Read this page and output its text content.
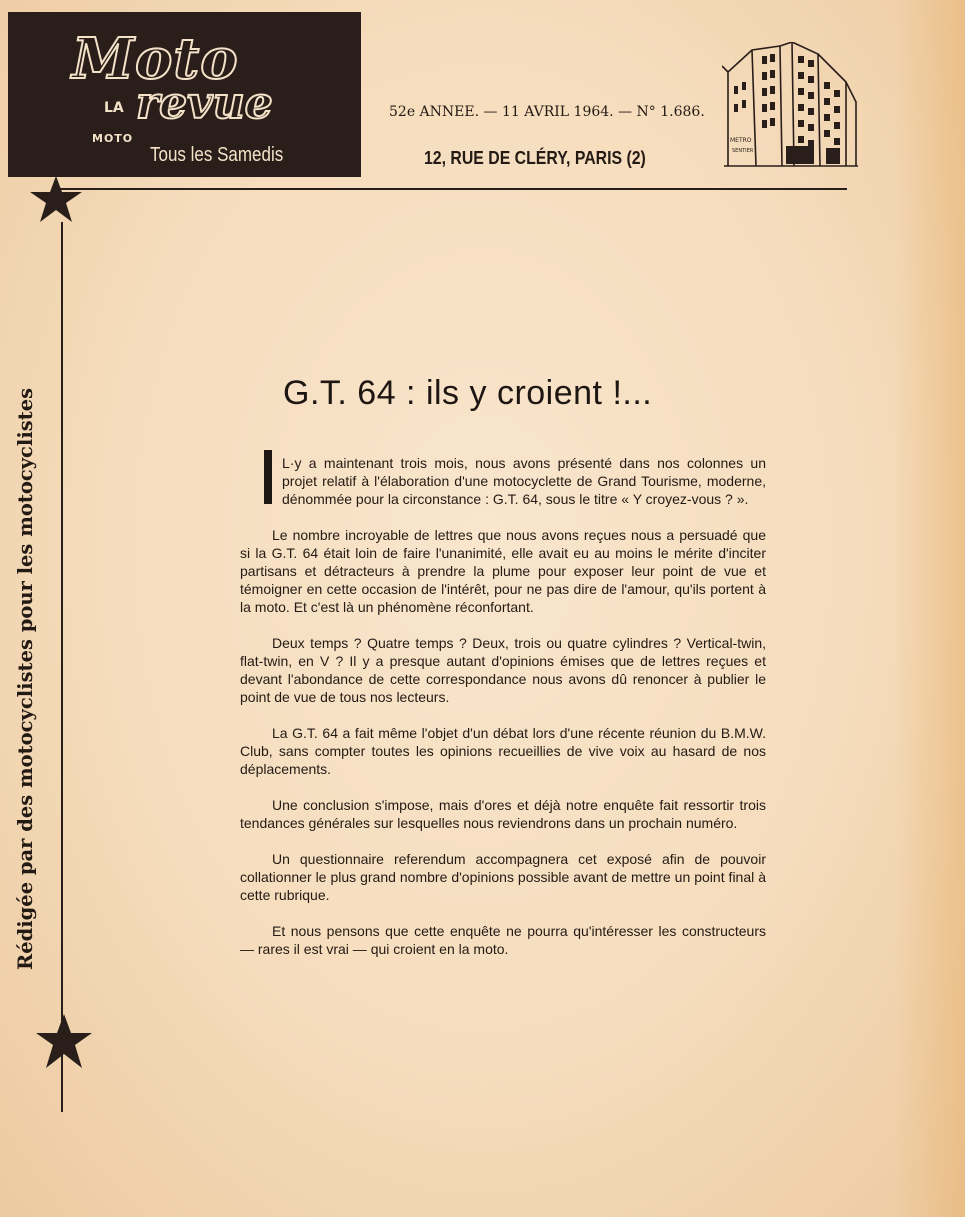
Moto
LA revue
MOTO
Tous les Samedis
52e ANNEE. — 11 AVRIL 1964. — N° 1.686.
12, RUE DE CLÉRY, PARIS (2)
METRO
SENTIER
Rédigée par des motocyclistes pour les motocyclistes	G.T. 64 : ils y croient !...

L·y a maintenant trois mois, nous avons présenté dans nos colonnes un projet relatif à l'élaboration d'une motocyclette de Grand Tourisme, moderne, dénommée pour la circonstance : G.T. 64, sous le titre « Y croyez-vous ? ».

Le nombre incroyable de lettres que nous avons reçues nous a persuadé que si la G.T. 64 était loin de faire l'unanimité, elle avait eu au moins le mérite d'inciter partisans et détracteurs à prendre la plume pour exposer leur point de vue et témoigner en cette occasion de l'intérêt, pour ne pas dire de l'amour, qu'ils portent à la moto. Et c'est là un phénomène réconfortant.

Deux temps ? Quatre temps ? Deux, trois ou quatre cylindres ? Vertical-twin, flat-twin, en V ? Il y a presque autant d'opinions émises que de lettres reçues et devant l'abondance de cette correspondance nous avons dû renoncer à publier le point de vue de tous nos lecteurs.

La G.T. 64 a fait même l'objet d'un débat lors d'une récente réunion du B.M.W. Club, sans compter toutes les opinions recueillies de vive voix au hasard de nos déplacements.

Une conclusion s'impose, mais d'ores et déjà notre enquête fait ressortir trois tendances générales sur lesquelles nous reviendrons dans un prochain numéro.

Un questionnaire referendum accompagnera cet exposé afin de pouvoir collationner le plus grand nombre d'opinions possible avant de mettre un point final à cette rubrique.

Et nous pensons que cette enquête ne pourra qu'intéresser les constructeurs — rares il est vrai — qui croient en la moto.
